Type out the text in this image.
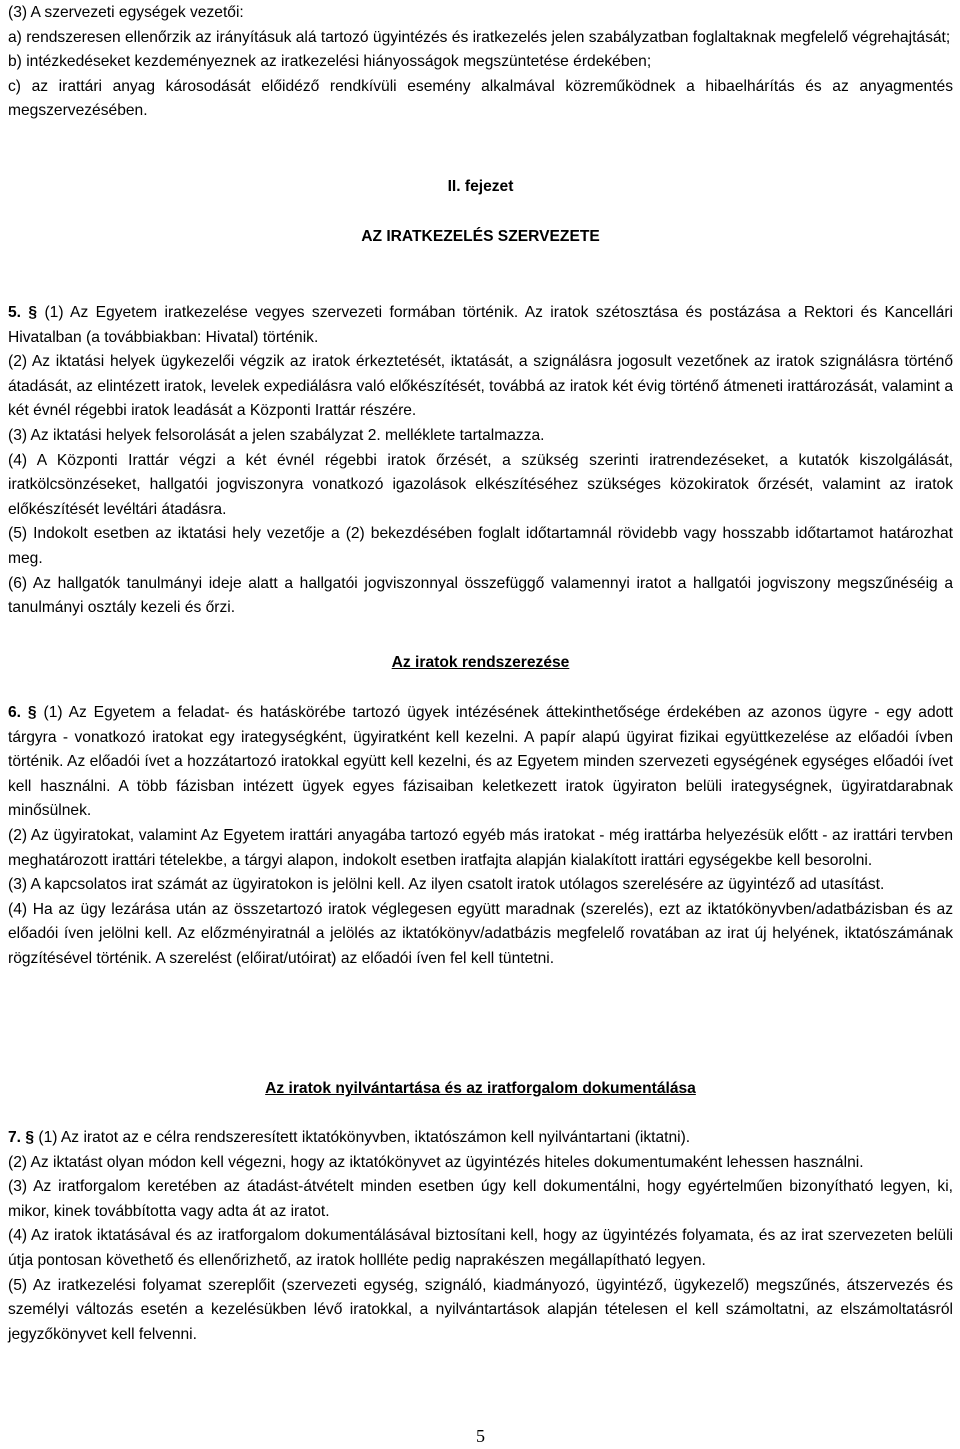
(3) A szervezeti egységek vezetői:

a) rendszeresen ellenőrzik az irányításuk alá tartozó ügyintézés és iratkezelés jelen szabályzatban foglaltaknak megfelelő végrehajtását;

b) intézkedéseket kezdeményeznek az iratkezelési hiányosságok megszüntetése érdekében;

c) az irattári anyag károsodását előidéző rendkívüli esemény alkalmával közreműködnek a hibaelhárítás és az anyagmentés megszervezésében.

II. fejezet

AZ IRATKEZELÉS SZERVEZETE

5. § (1) Az Egyetem iratkezelése vegyes szervezeti formában történik. Az iratok szétosztása és postázása a Rektori és Kancellári Hivatalban (a továbbiakban: Hivatal) történik.

(2) Az iktatási helyek ügykezelői végzik az iratok érkeztetését, iktatását, a szignálásra jogosult vezetőnek az iratok szignálásra történő átadását, az elintézett iratok, levelek expediálásra való előkészítését, továbbá az iratok két évig történő átmeneti irattározását, valamint a két évnél régebbi iratok leadását a Központi Irattár részére.

(3) Az iktatási helyek felsorolását a jelen szabályzat 2. melléklete tartalmazza.

(4) A Központi Irattár végzi a két évnél régebbi iratok őrzését, a szükség szerinti iratrendezéseket, a kutatók kiszolgálását, iratkölcsönzéseket, hallgatói jogviszonyra vonatkozó igazolások elkészítéséhez szükséges közokiratok őrzését, valamint az iratok előkészítését levéltári átadásra.

(5) Indokolt esetben az iktatási hely vezetője a (2) bekezdésében foglalt időtartamnál rövidebb vagy hosszabb időtartamot határozhat meg.

(6) Az hallgatók tanulmányi ideje alatt a hallgatói jogviszonnyal összefüggő valamennyi iratot a hallgatói jogviszony megszűnéséig a tanulmányi osztály kezeli és őrzi.

Az iratok rendszerezése

6. § (1) Az Egyetem a feladat- és hatáskörébe tartozó ügyek intézésének áttekinthetősége érdekében az azonos ügyre - egy adott tárgyra - vonatkozó iratokat egy irategységként, ügyiratként kell kezelni. A papír alapú ügyirat fizikai együttkezelése az előadói ívben történik. Az előadói ívet a hozzátartozó iratokkal együtt kell kezelni, és az Egyetem minden szervezeti egységének egységes előadói ívet kell használni. A több fázisban intézett ügyek egyes fázisaiban keletkezett iratok ügyiraton belüli irategységnek, ügyiratdarabnak minősülnek.

(2) Az ügyiratokat, valamint Az Egyetem irattári anyagába tartozó egyéb más iratokat - még irattárba helyezésük előtt - az irattári tervben meghatározott irattári tételekbe, a tárgyi alapon, indokolt esetben iratfajta alapján kialakított irattári egységekbe kell besorolni.

(3) A kapcsolatos irat számát az ügyiratokon is jelölni kell. Az ilyen csatolt iratok utólagos szerelésére az ügyintéző ad utasítást.

(4) Ha az ügy lezárása után az összetartozó iratok véglegesen együtt maradnak (szerelés), ezt az iktatókönyvben/adatbázisban és az előadói íven jelölni kell. Az előzményiratnál a jelölés az iktatókönyv/adatbázis megfelelő rovatában az irat új helyének, iktatószámának rögzítésével történik. A szerelést (előirat/utóirat) az előadói íven fel kell tüntetni.

Az iratok nyilvántartása és az iratforgalom dokumentálása

7. § (1) Az iratot az e célra rendszeresített iktatókönyvben, iktatószámon kell nyilvántartani (iktatni).

(2) Az iktatást olyan módon kell végezni, hogy az iktatókönyvet az ügyintézés hiteles dokumentumaként lehessen használni.

(3) Az iratforgalom keretében az átadást-átvételt minden esetben úgy kell dokumentálni, hogy egyértelműen bizonyítható legyen, ki, mikor, kinek továbbította vagy adta át az iratot.

(4) Az iratok iktatásával és az iratforgalom dokumentálásával biztosítani kell, hogy az ügyintézés folyamata, és az irat szervezeten belüli útja pontosan követhető és ellenőrizhető, az iratok hollléte pedig naprakészen megállapítható legyen.

(5) Az iratkezelési folyamat szereplőit (szervezeti egység, szignáló, kiadmányozó, ügyintéző, ügykezelő) megszűnés, átszervezés és személyi változás esetén a kezelésükben lévő iratokkal, a nyilvántartások alapján tételesen el kell számoltatni, az elszámoltatásról jegyzőkönyvet kell felvenni.

5
